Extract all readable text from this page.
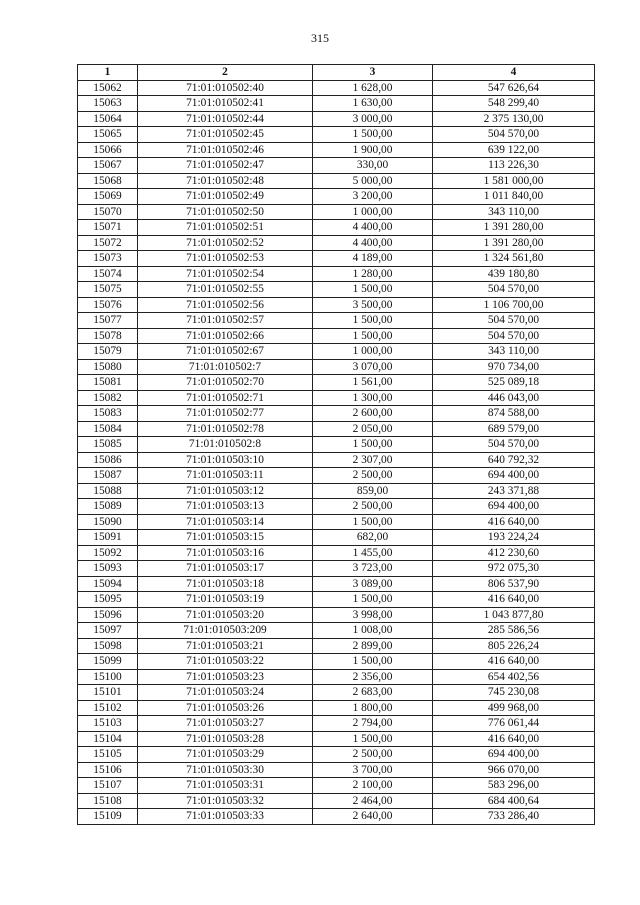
315
1	2	3	4
15062	71:01:010502:40	1 628,00	547 626,64
15063	71:01:010502:41	1 630,00	548 299,40
15064	71:01:010502:44	3 000,00	2 375 130,00
15065	71:01:010502:45	1 500,00	504 570,00
15066	71:01:010502:46	1 900,00	639 122,00
15067	71:01:010502:47	330,00	113 226,30
15068	71:01:010502:48	5 000,00	1 581 000,00
15069	71:01:010502:49	3 200,00	1 011 840,00
15070	71:01:010502:50	1 000,00	343 110,00
15071	71:01:010502:51	4 400,00	1 391 280,00
15072	71:01:010502:52	4 400,00	1 391 280,00
15073	71:01:010502:53	4 189,00	1 324 561,80
15074	71:01:010502:54	1 280,00	439 180,80
15075	71:01:010502:55	1 500,00	504 570,00
15076	71:01:010502:56	3 500,00	1 106 700,00
15077	71:01:010502:57	1 500,00	504 570,00
15078	71:01:010502:66	1 500,00	504 570,00
15079	71:01:010502:67	1 000,00	343 110,00
15080	71:01:010502:7	3 070,00	970 734,00
15081	71:01:010502:70	1 561,00	525 089,18
15082	71:01:010502:71	1 300,00	446 043,00
15083	71:01:010502:77	2 600,00	874 588,00
15084	71:01:010502:78	2 050,00	689 579,00
15085	71:01:010502:8	1 500,00	504 570,00
15086	71:01:010503:10	2 307,00	640 792,32
15087	71:01:010503:11	2 500,00	694 400,00
15088	71:01:010503:12	859,00	243 371,88
15089	71:01:010503:13	2 500,00	694 400,00
15090	71:01:010503:14	1 500,00	416 640,00
15091	71:01:010503:15	682,00	193 224,24
15092	71:01:010503:16	1 455,00	412 230,60
15093	71:01:010503:17	3 723,00	972 075,30
15094	71:01:010503:18	3 089,00	806 537,90
15095	71:01:010503:19	1 500,00	416 640,00
15096	71:01:010503:20	3 998,00	1 043 877,80
15097	71:01:010503:209	1 008,00	285 586,56
15098	71:01:010503:21	2 899,00	805 226,24
15099	71:01:010503:22	1 500,00	416 640,00
15100	71:01:010503:23	2 356,00	654 402,56
15101	71:01:010503:24	2 683,00	745 230,08
15102	71:01:010503:26	1 800,00	499 968,00
15103	71:01:010503:27	2 794,00	776 061,44
15104	71:01:010503:28	1 500,00	416 640,00
15105	71:01:010503:29	2 500,00	694 400,00
15106	71:01:010503:30	3 700,00	966 070,00
15107	71:01:010503:31	2 100,00	583 296,00
15108	71:01:010503:32	2 464,00	684 400,64
15109	71:01:010503:33	2 640,00	733 286,40
